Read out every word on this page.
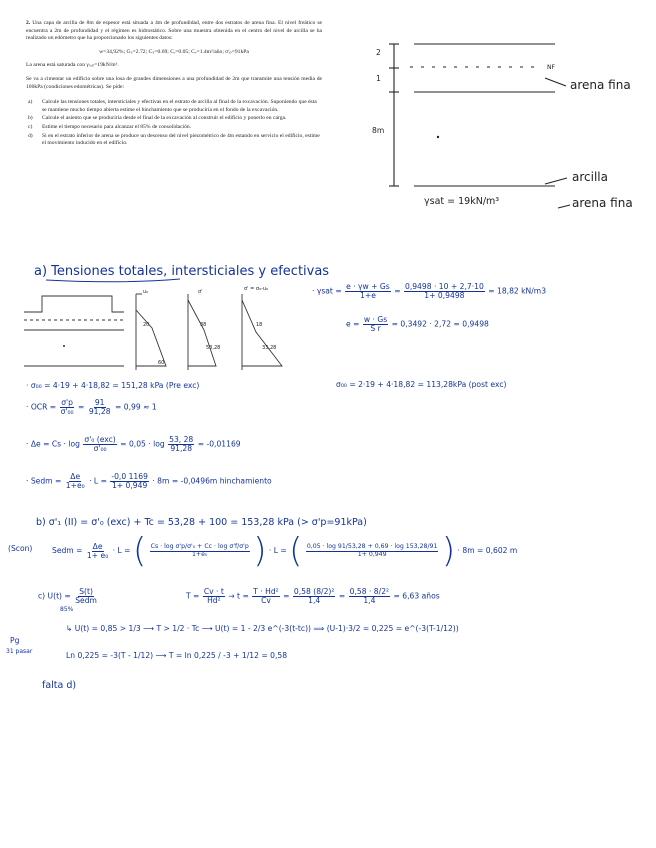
2. Una capa de arcilla de 8m de espesor está situada a 4m de profundidad, entre dos estratos de arena fina. El nivel freático se encuentra a 2m de profundidad y el régimen es hidrostático. Sobre una muestra obtenida en el centro del nivel de arcilla se ha realizado un edómetro que ha proporcionado los siguientes datos:

w=34,92%; Gₛ=2.72; Cₛ=0.69; Cᵣ=0.05; Cᵥ=1.4m²/año; σ'ₚ=91kPa

La arena está saturada con γₛₐₜ=19kN/m³.

Se va a cimentar un edificio sobre una losa de grandes dimensiones a una profundidad de 2m que transmite una tensión media de 100kPa (condiciones edométricas). Se pide:

a)	Calcule las tensiones totales, intersticiales y efectivas en el estrato de arcilla al final de la excavación. Suponiendo que ésta se mantiene mucho tiempo abierta estime el hinchamiento que se produciría en el fondo de la excavación.
b)	Calcule el asiento que se produciría desde el final de la excavación al construir el edificio y ponerlo en carga.
c)	Estime el tiempo necesario para alcanzar el 85% de consolidación.
d)	Si en el estrato inferior de arena se produce un descenso del nivel piezométrico de 4m estando en servicio el edificio, estime el movimiento inducido en el edificio.
2
1
8m
NF
arena fina
arcilla
arena fina
γsat = 19kN/m³
a) Tensiones totales, intersticiales y efectivas
u₀	σ'	σ' = σ₀-u₀
20
60
38
53,28
18
33,28
· $\gamma sat = \frac{e \cdot \gamma w + Gs}{1+e} = \frac{0,9498 \cdot 10 + 2,7\cdot 10}{1+ 0,9498} = 18,82$ kN/m3
$e = \frac{w \cdot Gs}{\text{S r}} = 0,3492 \cdot 2,72 = 0,9498$
· σ₀₀ = 4·19 + 4·18,82 = 151,28 kPa (Pre exc)	σ₀₀ = 2·19 + 4·18,82 = 113,28kPa (post exc)
· OCR = $\frac{\sigma'p}{\text{σ'₀₀}} = \frac{91}{91,28} = 0,99 \approx 1$
· $\Delta e = Cs \cdot \log \frac{\text{σ'₀ (exc)}}{\text{σ'₀₀}} = 0,05 \cdot \log \frac{53, 28}{91,28} = -0,01169$
· Sedm = $\frac{\Delta e}{\text{1+e₀}} \cdot L = \frac{-0,0 1169}{1+ 0,949} \cdot 8m = -0,0496m$ hinchamiento
b) σ'₁ (II) = σ'₀ (exc) + Tc = 53,28 + 100 = 153,28 kPa (> σ'p=91kPa)
(Scon)	Sedm = $\frac{\Delta e}{\text{1+ e₀}} \cdot L$ = ( $\frac{\text{Cs · log σ'p/σ'₀ + Cc · log σ'f/σ'p}}{\text{1+e₀}}$ ) · L = ( $\frac{0,05 \cdot \log 91/53,28 + 0,69 \cdot \log 153,28/91}{1+ 0,949}$ ) · 8m = 0,602 m
c) $U(t) = \frac{S(t)}{\text{Sedm}}$
85%
$T = \frac{Cv \cdot t}{\text{Hd²}} \to t = \frac{\text{T · Hd²}}{Cv} = \frac{\text{0,58 (8/2)²}}{1,4} = \frac{\text{0,58 · 8/2²}}{1,4} = 6,63$ años
↳ U(t) = 0,85 > 1/3 ⟶ T > 1/2 · Tc ⟶ U(t) = 1 - 2/3 e^(-3(t-tc)) ⟹ (U-1)·3/2 = 0,225 = e^(-3(T-1/12))
Pg
31 pasar	Ln 0,225 = -3(T - 1/12) ⟶ T = ln 0,225 / -3 + 1/12 = 0,58
falta d)
